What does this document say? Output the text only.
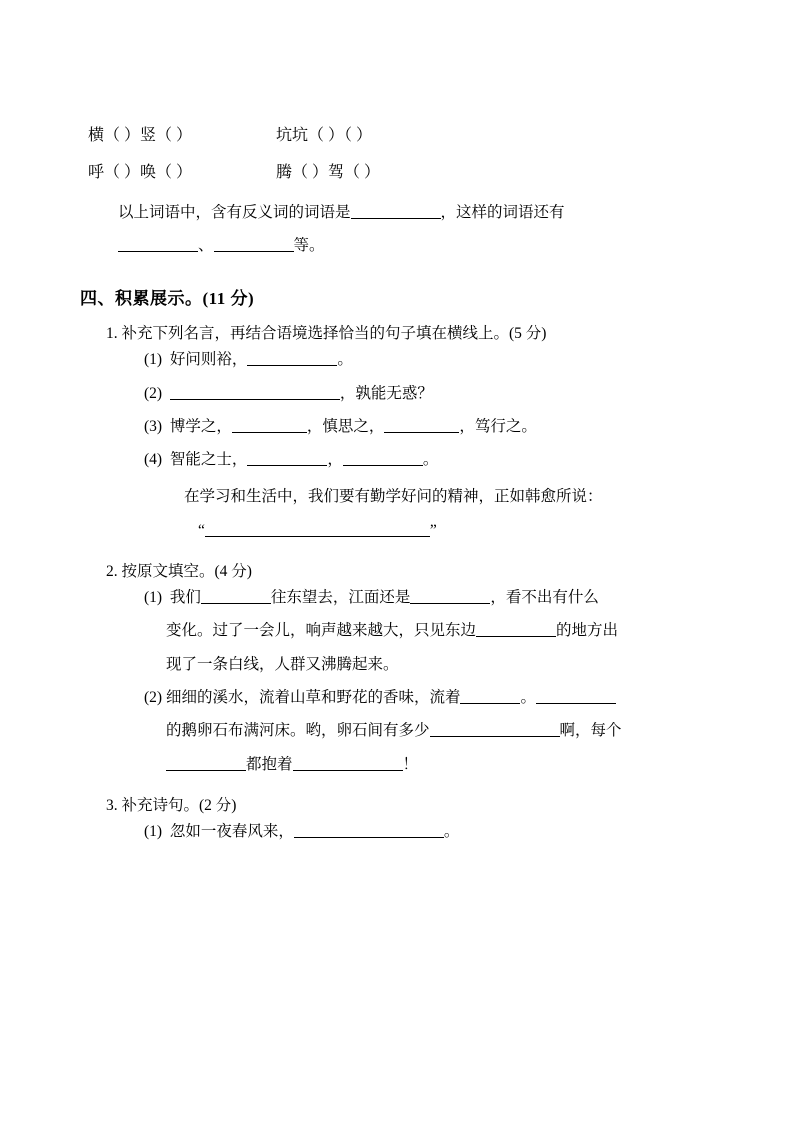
横（ ）竖（ ）	坑坑（ ）（ ）
呼（ ）唤（ ）	腾（ ）驾（ ）
以上词语中，含有反义词的词语是	，这样的词语还有
、	等。
四、积累展示。(11 分)
1. 补充下列名言，再结合语境选择恰当的句子填在横线上。(5 分)
(1) 好问则裕，	。
(2)	，孰能无惑？
(3) 博学之，	，慎思之，	，笃行之。
(4) 智能之士，	，	。
在学习和生活中，我们要有勤学好问的精神，正如韩愈所说：
“	”
2. 按原文填空。(4 分)
(1) 我们	往东望去，江面还是	，看不出有什么
变化。过了一会儿，响声越来越大，只见东边	的地方出
现了一条白线，人群又沸腾起来。
(2) 细细的溪水，流着山草和野花的香味，流着	。
的鹅卵石布满河床。哟，卵石间有多少	啊，每个
都抱着	！
3. 补充诗句。(2 分)
(1) 忽如一夜春风来，	。
